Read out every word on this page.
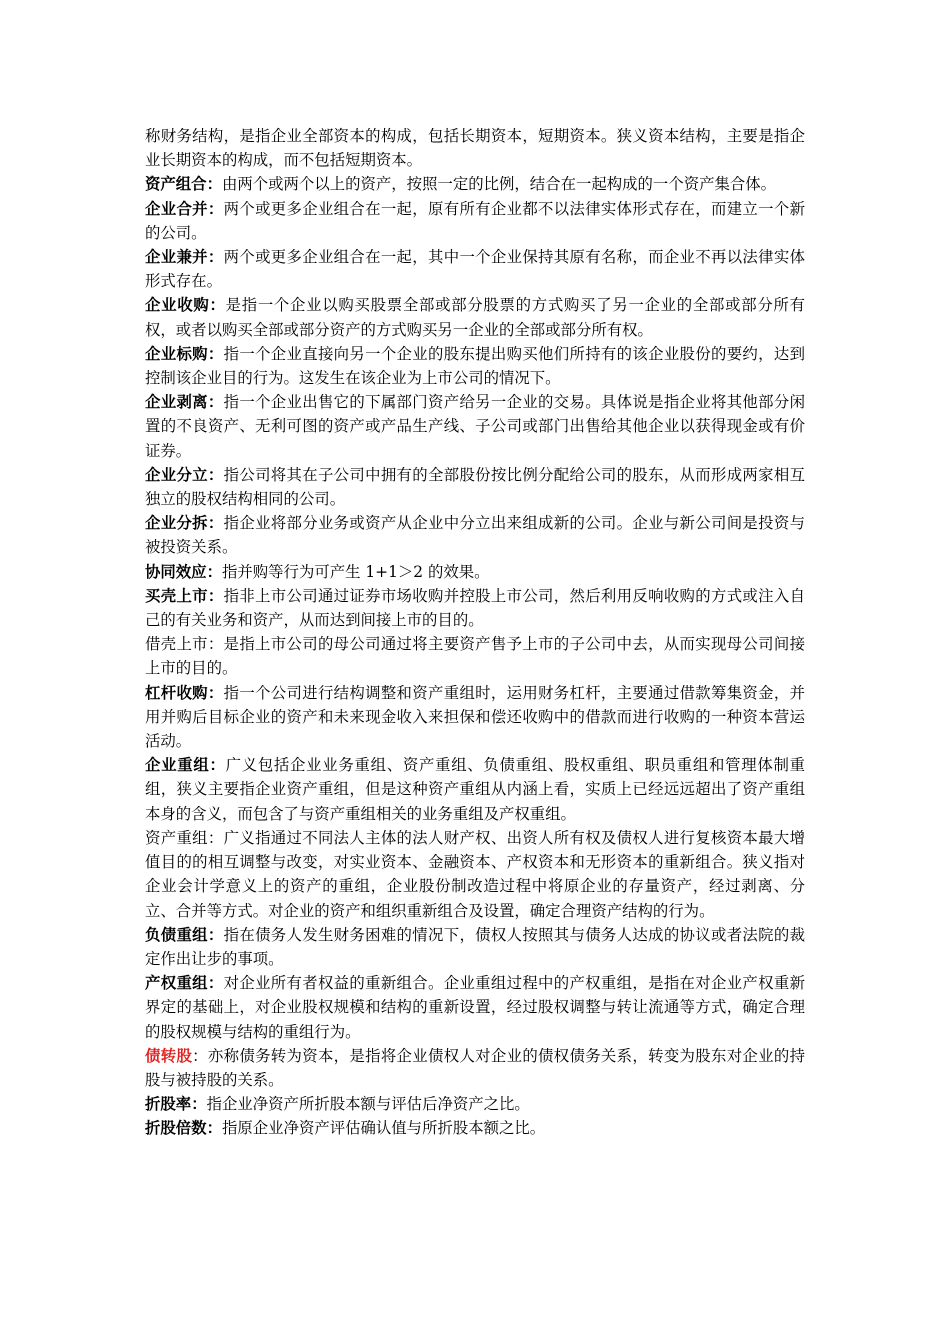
称财务结构，是指企业全部资本的构成，包括长期资本，短期资本。狭义资本结构，主要是指企业长期资本的构成，而不包括短期资本。

资产组合：由两个或两个以上的资产，按照一定的比例，结合在一起构成的一个资产集合体。

企业合并：两个或更多企业组合在一起，原有所有企业都不以法律实体形式存在，而建立一个新的公司。

企业兼并：两个或更多企业组合在一起，其中一个企业保持其原有名称，而企业不再以法律实体形式存在。

企业收购：是指一个企业以购买股票全部或部分股票的方式购买了另一企业的全部或部分所有权，或者以购买全部或部分资产的方式购买另一企业的全部或部分所有权。

企业标购：指一个企业直接向另一个企业的股东提出购买他们所持有的该企业股份的要约，达到控制该企业目的行为。这发生在该企业为上市公司的情况下。

企业剥离：指一个企业出售它的下属部门资产给另一企业的交易。具体说是指企业将其他部分闲置的不良资产、无利可图的资产或产品生产线、子公司或部门出售给其他企业以获得现金或有价证券。

企业分立：指公司将其在子公司中拥有的全部股份按比例分配给公司的股东，从而形成两家相互独立的股权结构相同的公司。

企业分拆：指企业将部分业务或资产从企业中分立出来组成新的公司。企业与新公司间是投资与被投资关系。

协同效应：指并购等行为可产生 1+1＞2 的效果。

买壳上市：指非上市公司通过证券市场收购并控股上市公司，然后利用反响收购的方式或注入自己的有关业务和资产，从而达到间接上市的目的。

借壳上市：是指上市公司的母公司通过将主要资产售予上市的子公司中去，从而实现母公司间接上市的目的。

杠杆收购：指一个公司进行结构调整和资产重组时，运用财务杠杆，主要通过借款筹集资金，并用并购后目标企业的资产和未来现金收入来担保和偿还收购中的借款而进行收购的一种资本营运活动。

企业重组：广义包括企业业务重组、资产重组、负债重组、股权重组、职员重组和管理体制重组，狭义主要指企业资产重组，但是这种资产重组从内涵上看，实质上已经远远超出了资产重组本身的含义，而包含了与资产重组相关的业务重组及产权重组。

资产重组：广义指通过不同法人主体的法人财产权、出资人所有权及债权人进行复核资本最大增值目的的相互调整与改变，对实业资本、金融资本、产权资本和无形资本的重新组合。狭义指对企业会计学意义上的资产的重组，企业股份制改造过程中将原企业的存量资产，经过剥离、分立、合并等方式。对企业的资产和组织重新组合及设置，确定合理资产结构的行为。

负债重组：指在债务人发生财务困难的情况下，债权人按照其与债务人达成的协议或者法院的裁定作出让步的事项。

产权重组：对企业所有者权益的重新组合。企业重组过程中的产权重组，是指在对企业产权重新界定的基础上，对企业股权规模和结构的重新设置，经过股权调整与转让流通等方式，确定合理的股权规模与结构的重组行为。

债转股：亦称债务转为资本，是指将企业债权人对企业的债权债务关系，转变为股东对企业的持股与被持股的关系。

折股率：指企业净资产所折股本额与评估后净资产之比。

折股倍数：指原企业净资产评估确认值与所折股本额之比。
